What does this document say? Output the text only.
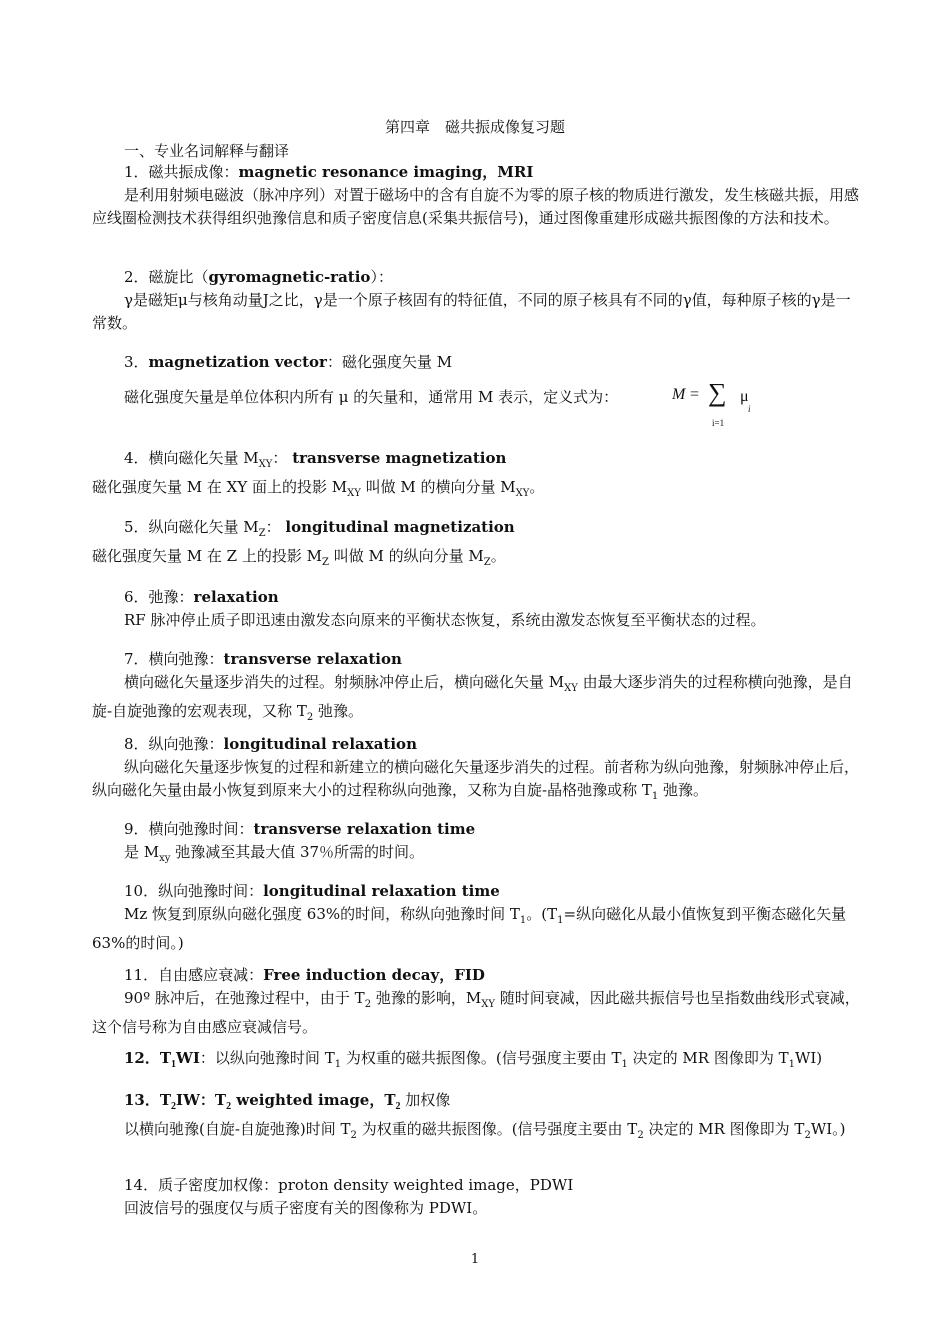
第四章　磁共振成像复习题
一、专业名词解释与翻译
1．磁共振成像：magnetic resonance imaging，MRI

是利用射频电磁波（脉冲序列）对置于磁场中的含有自旋不为零的原子核的物质进行激发，发生核磁共振，用感应线圈检测技术获得组织弛豫信息和质子密度信息(采集共振信号)，通过图像重建形成磁共振图像的方法和技术。

2．磁旋比（gyromagnetic-ratio）：

γ是磁矩μ与核角动量J之比，γ是一个原子核固有的特征值，不同的原子核具有不同的γ值，每种原子核的γ是一常数。

3．magnetization vector：磁化强度矢量 M
磁化强度矢量是单位体积内所有 μ 的矢量和，通常用 M 表示，定义式为：	M = ∑ μ
i
i=1
4．横向磁化矢量 $M_{XY}$： transverse magnetization
磁化强度矢量 M 在 XY 面上的投影 $M_{XY}$ 叫做 M 的横向分量 $M_{XY}$。
5．纵向磁化矢量 $M_Z$： longitudinal magnetization
磁化强度矢量 M 在 Z 上的投影 $M_Z$ 叫做 M 的纵向分量 $M_Z$。
6．弛豫：relaxation
RF 脉冲停止质子即迅速由激发态向原来的平衡状态恢复，系统由激发态恢复至平衡状态的过程。
7．横向弛豫：transverse relaxation

横向磁化矢量逐步消失的过程。射频脉冲停止后，横向磁化矢量 $M_{XY}$ 由最大逐步消失的过程称横向弛豫，是自旋-自旋弛豫的宏观表现，又称 $T_2$ 弛豫。

8．纵向弛豫：longitudinal relaxation

纵向磁化矢量逐步恢复的过程和新建立的横向磁化矢量逐步消失的过程。前者称为纵向弛豫，射频脉冲停止后，纵向磁化矢量由最小恢复到原来大小的过程称纵向弛豫，又称为自旋-晶格弛豫或称 $T_1$ 弛豫。

9．横向弛豫时间：transverse relaxation time
是 $M_{xy}$ 弛豫减至其最大值 37％所需的时间。
10．纵向弛豫时间：longitudinal relaxation time

Mz 恢复到原纵向磁化强度 63%的时间，称纵向弛豫时间 $T_1$。($T_1=$纵向磁化从最小值恢复到平衡态磁化矢量 63%的时间。)

11．自由感应衰减：Free induction decay，FID

90º 脉冲后，在弛豫过程中，由于 $T_2$ 弛豫的影响，$M_{XY}$ 随时间衰减，因此磁共振信号也呈指数曲线形式衰减，这个信号称为自由感应衰减信号。

12．$T_1WI$：以纵向弛豫时间 $T_1$ 为权重的磁共振图像。(信号强度主要由 $T_1$ 决定的 MR 图像即为 $T_1WI$)
13．$T_2IW$：$T_2$ weighted image，$T_2$ 加权像

以横向驰豫(自旋-自旋弛豫)时间 $T_2$ 为权重的磁共振图像。(信号强度主要由 $T_2$ 决定的 MR 图像即为 $T_2WI$。)

14．质子密度加权像：proton density weighted image，PDWI
回波信号的强度仅与质子密度有关的图像称为 PDWI。
1
